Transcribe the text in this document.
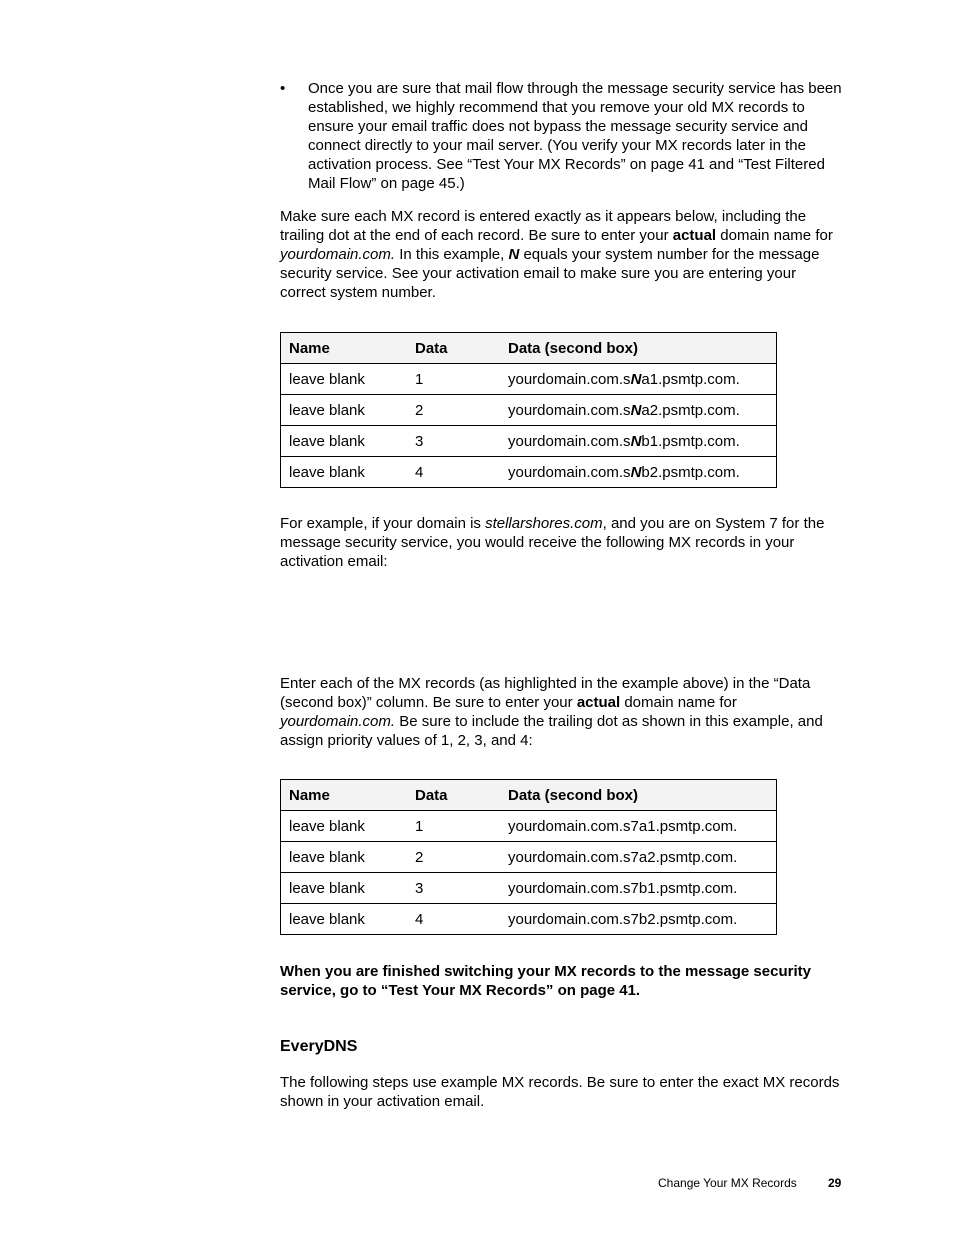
• Once you are sure that mail flow through the message security service has been established, we highly recommend that you remove your old MX records to ensure your email traffic does not bypass the message security service and connect directly to your mail server. (You verify your MX records later in the activation process. See “Test Your MX Records” on page 41 and “Test Filtered Mail Flow” on page 45.)

Make sure each MX record is entered exactly as it appears below, including the trailing dot at the end of each record. Be sure to enter your actual domain name for yourdomain.com. In this example, N equals your system number for the message security service. See your activation email to make sure you are entering your correct system number.

Name	Data	Data (second box)
leave blank	1	yourdomain.com.sNa1.psmtp.com.
leave blank	2	yourdomain.com.sNa2.psmtp.com.
leave blank	3	yourdomain.com.sNb1.psmtp.com.
leave blank	4	yourdomain.com.sNb2.psmtp.com.

For example, if your domain is stellarshores.com, and you are on System 7 for the message security service, you would receive the following MX records in your activation email:

Enter each of the MX records (as highlighted in the example above) in the “Data (second box)” column. Be sure to enter your actual domain name for yourdomain.com. Be sure to include the trailing dot as shown in this example, and assign priority values of 1, 2, 3, and 4:

Name	Data	Data (second box)
leave blank	1	yourdomain.com.s7a1.psmtp.com.
leave blank	2	yourdomain.com.s7a2.psmtp.com.
leave blank	3	yourdomain.com.s7b1.psmtp.com.
leave blank	4	yourdomain.com.s7b2.psmtp.com.

When you are finished switching your MX records to the message security service, go to “Test Your MX Records” on page 41.

EveryDNS

The following steps use example MX records. Be sure to enter the exact MX records shown in your activation email.

Change Your MX Records	29
